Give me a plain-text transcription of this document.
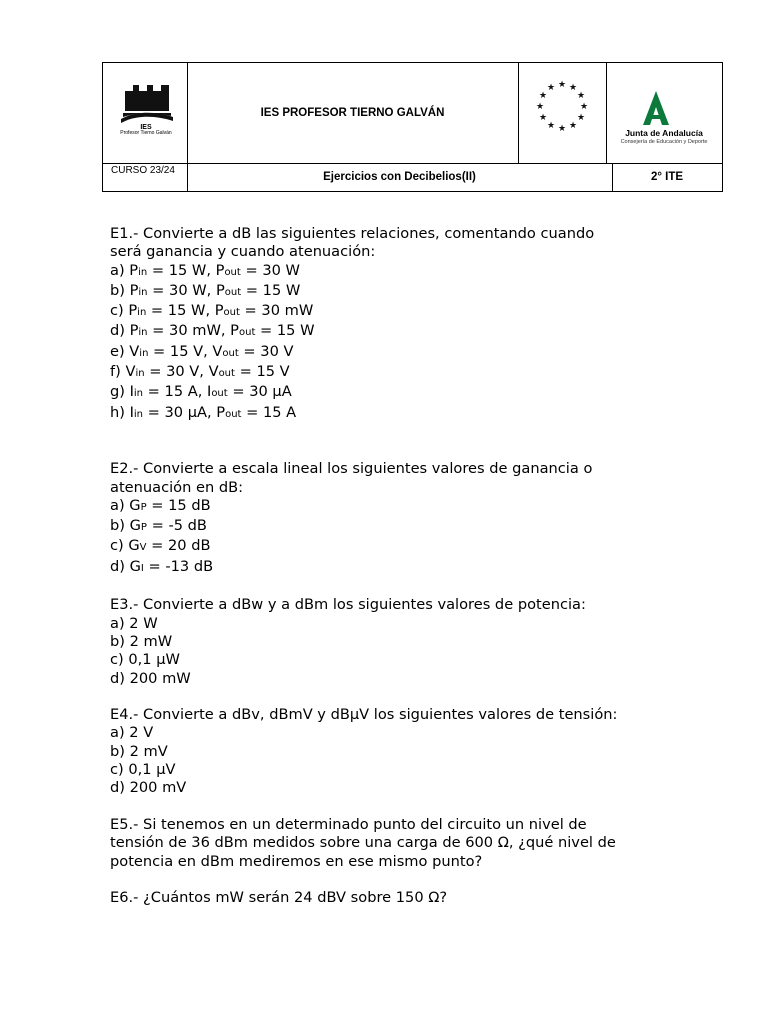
IES
Profesor Tierno Galván
IES PROFESOR TIERNO GALVÁN
★ ★
★
★
★
★
★
★
★
★
★
★
Junta de Andalucía
Consejería de Educación y Deporte
CURSO 23/24
Ejercicios con Decibelios(II)	2° ITE
E1.- Convierte a dB las siguientes relaciones, comentando cuando
será ganancia y cuando atenuación:
a) Pin = 15 W, Pout = 30 W
b) Pin = 30 W, Pout = 15 W
c) Pin = 15 W, Pout = 30 mW
d) Pin = 30 mW, Pout = 15 W
e) Vin = 15 V, Vout = 30 V
f) Vin = 30 V, Vout = 15 V
g) Iin = 15 A, Iout = 30 μA
h) Iin = 30 μA, Pout = 15 A
E2.- Convierte a escala lineal los siguientes valores de ganancia o
atenuación en dB:
a) GP = 15 dB
b) GP = -5 dB
c) GV = 20 dB
d) GI = -13 dB
E3.- Convierte a dBw y a dBm los siguientes valores de potencia:
a) 2 W
b) 2 mW
c) 0,1 μW
d) 200 mW
E4.- Convierte a dBv, dBmV y dBμV los siguientes valores de tensión:
a) 2 V
b) 2 mV
c) 0,1 μV
d) 200 mV
E5.- Si tenemos en un determinado punto del circuito un nivel de
tensión de 36 dBm medidos sobre una carga de 600 Ω, ¿qué nivel de
potencia en dBm mediremos en ese mismo punto?
E6.- ¿Cuántos mW serán 24 dBV sobre 150 Ω?
